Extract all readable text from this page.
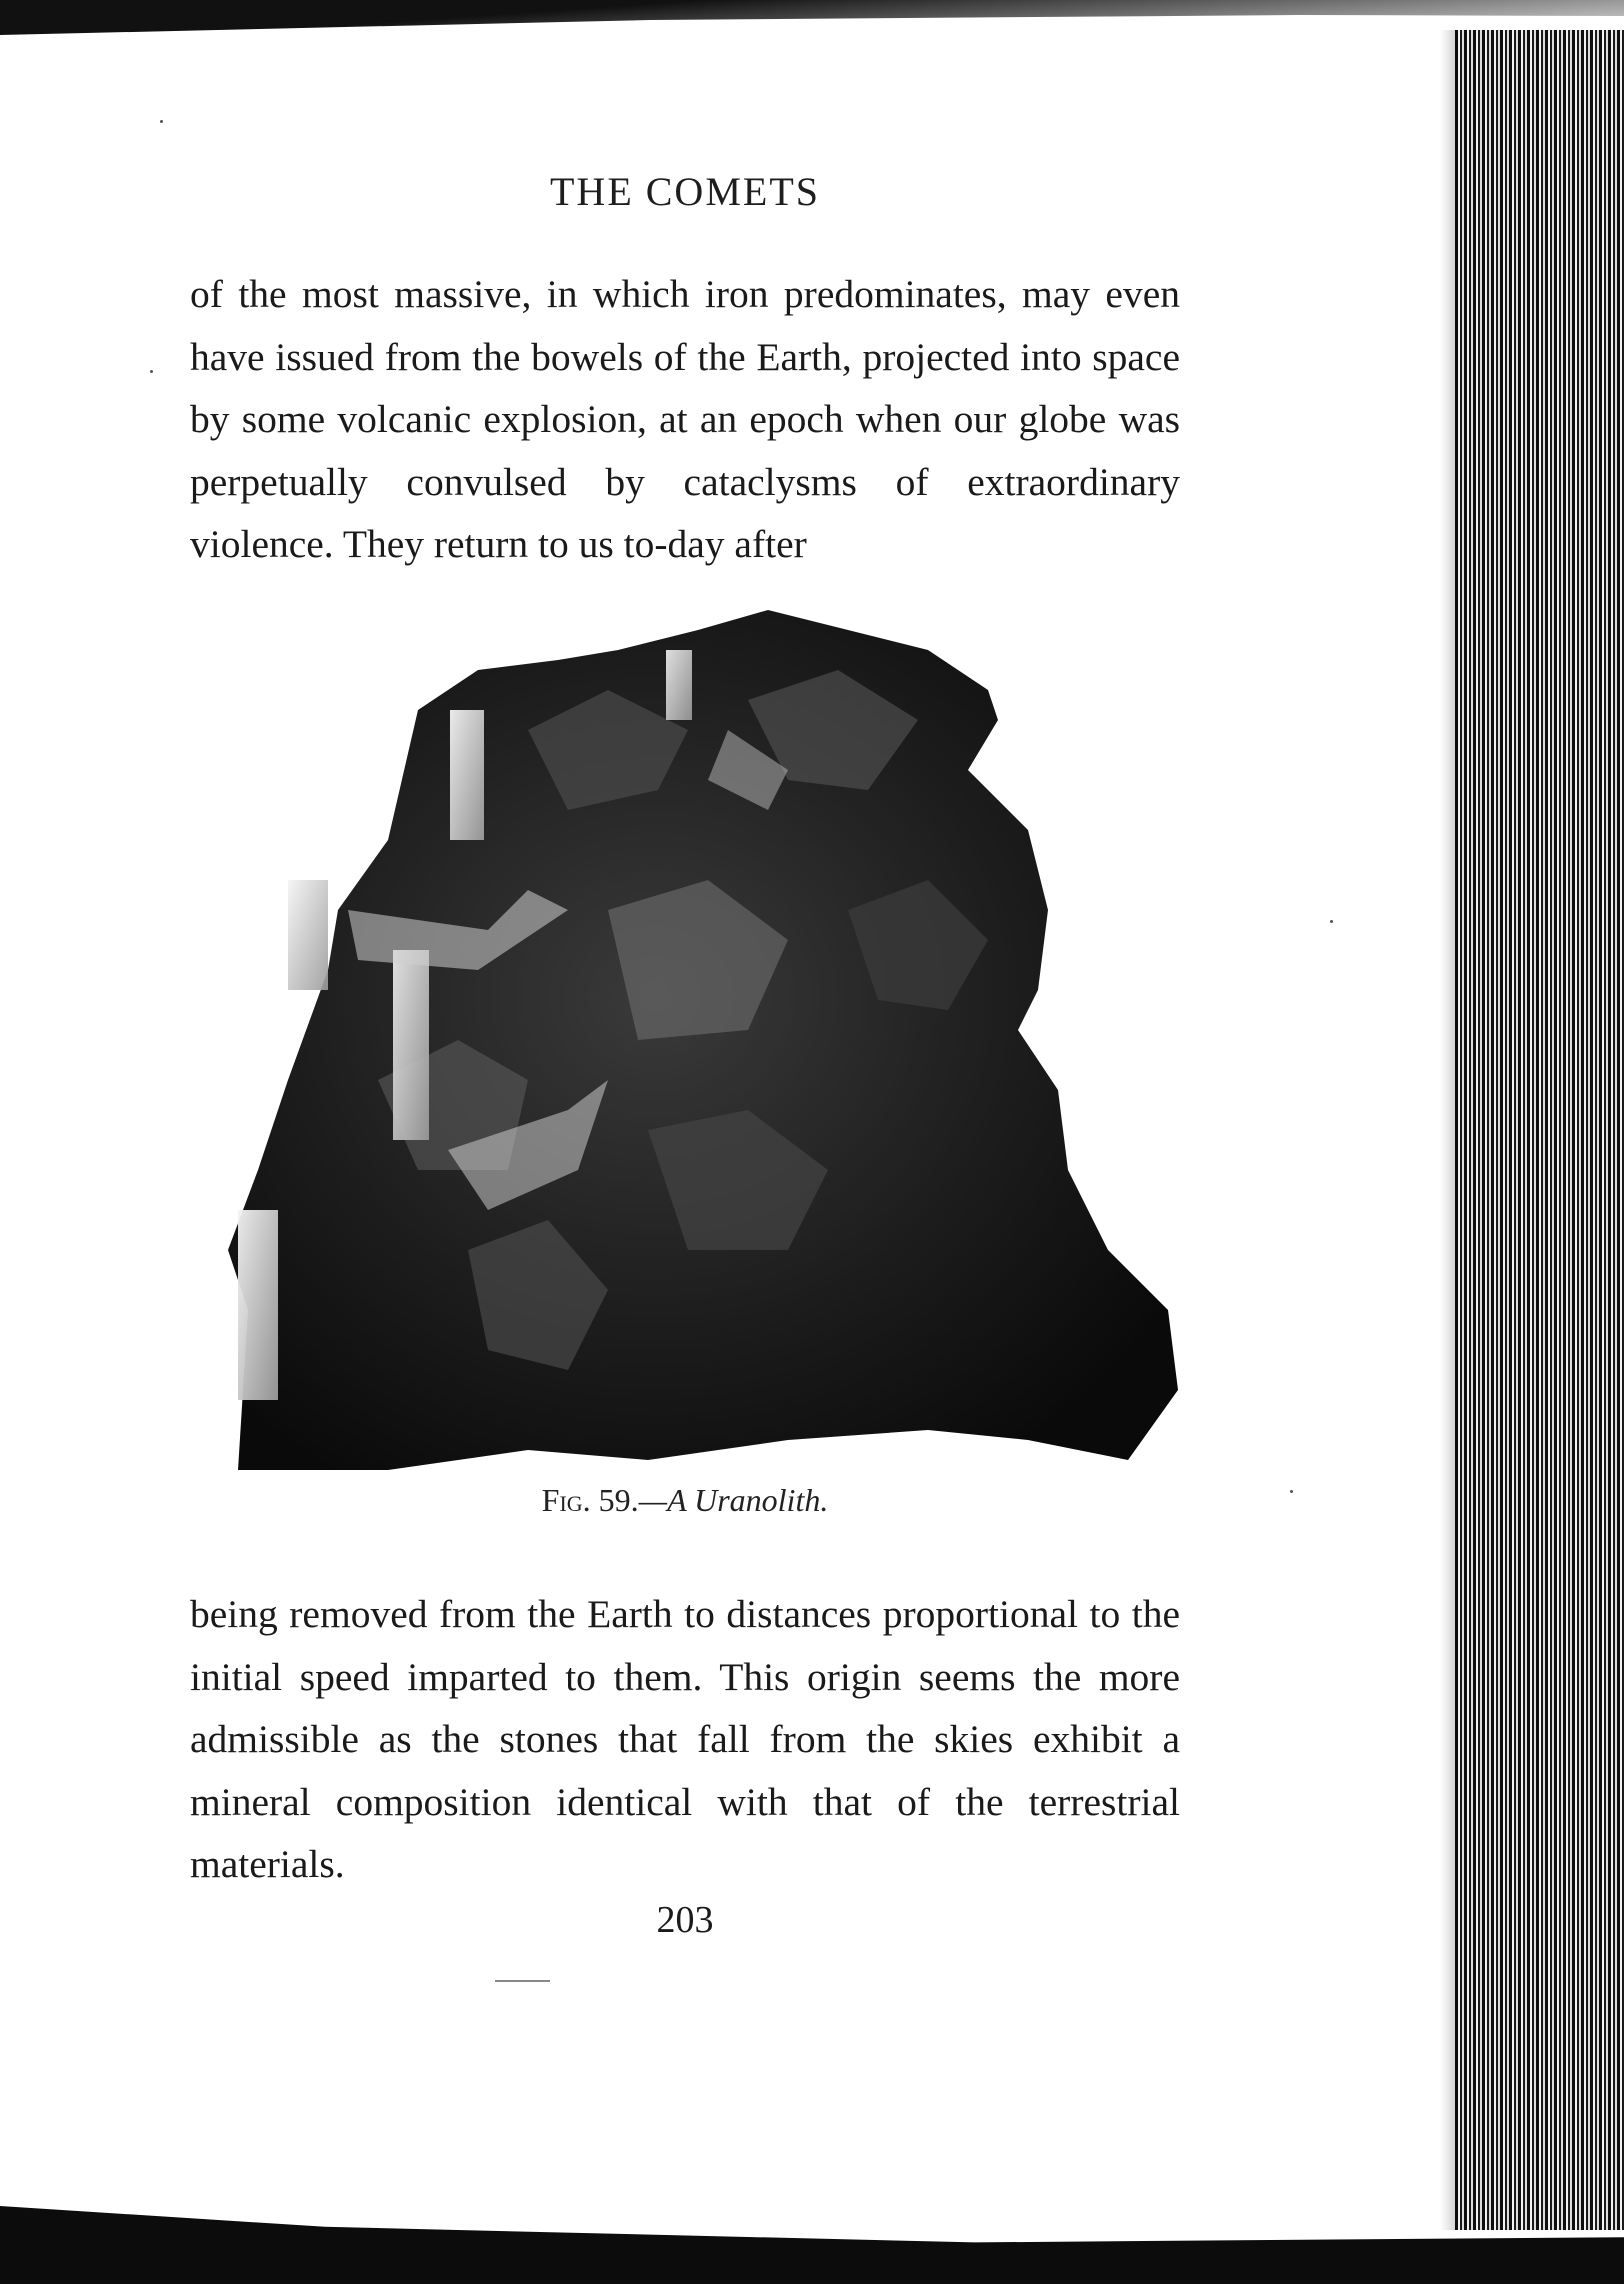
THE COMETS

of the most massive, in which iron predominates, may even have issued from the bowels of the Earth, projected into space by some volcanic explosion, at an epoch when our globe was perpetually convulsed by cataclysms of extraordinary violence. They return to us to-day after

Fig. 59.—A Uranolith.

being removed from the Earth to distances proportional to the initial speed imparted to them. This origin seems the more admissible as the stones that fall from the skies exhibit a mineral composition identical with that of the terrestrial materials.

203
